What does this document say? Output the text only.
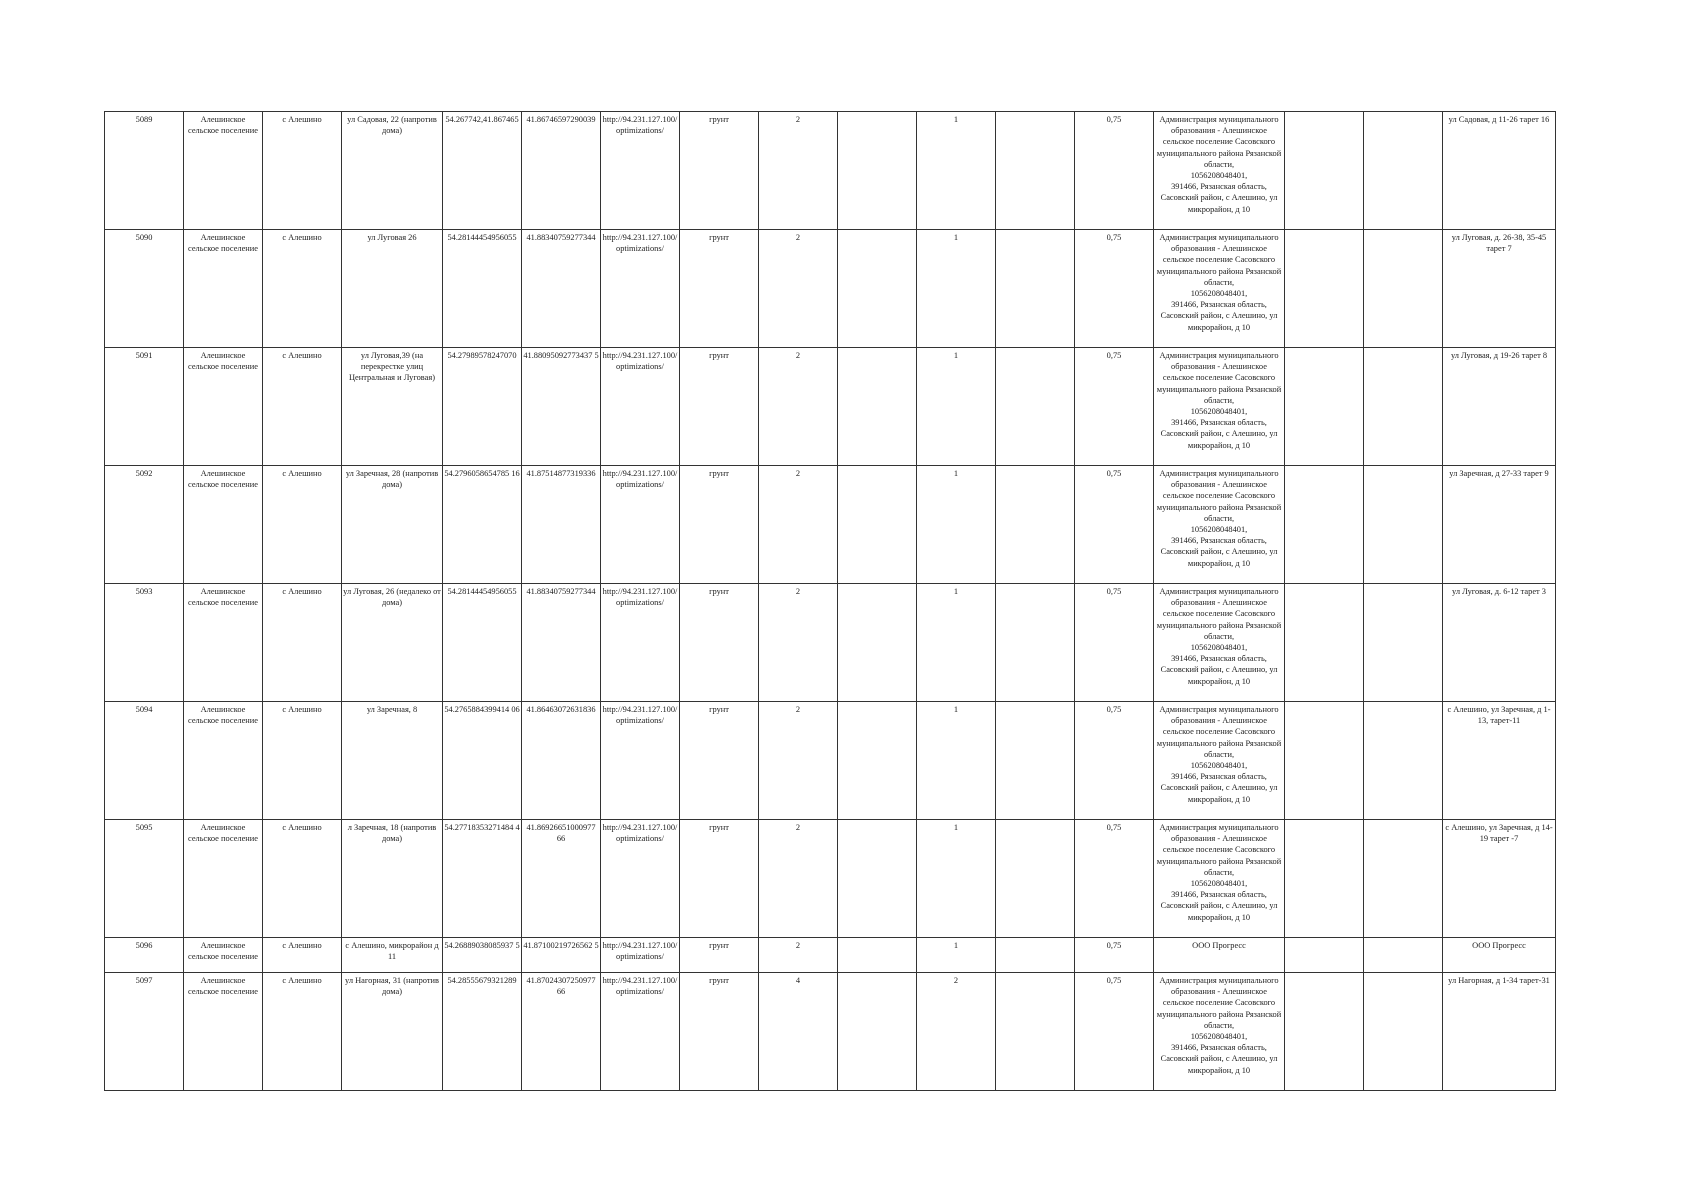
5089	Алешинское сельское поселение	с Алешино	ул Садовая, 22 (напротив дома)	54.267742,41.867465	41.86746597290039	http://94.231.127.100/optimizations/	грунт	2		1		0,75	Администрация муниципального образования - Алешинское сельское поселение Сасовского муниципального района Рязанской области,
1056208048401,
391466, Рязанская область, Сасовский район, с Алешино, ул микрорайон, д 10			ул Садовая, д 11-26 тарет 16
5090	Алешинское сельское поселение	с Алешино	ул Луговая 26	54.28144454956055	41.88340759277344	http://94.231.127.100/optimizations/	грунт	2		1		0,75	Администрация муниципального образования - Алешинское сельское поселение Сасовского муниципального района Рязанской области,
1056208048401,
391466, Рязанская область, Сасовский район, с Алешино, ул микрорайон, д 10			ул Луговая, д. 26-38, 35-45 тарет 7
5091	Алешинское сельское поселение	с Алешино	ул Луговая,39 (на перекрестке улиц Центральная и Луговая)	54.27989578247070	41.88095092773437 5	http://94.231.127.100/optimizations/	грунт	2		1		0,75	Администрация муниципального образования - Алешинское сельское поселение Сасовского муниципального района Рязанской области,
1056208048401,
391466, Рязанская область, Сасовский район, с Алешино, ул микрорайон, д 10			ул Луговая, д 19-26 тарет 8
5092	Алешинское сельское поселение	с Алешино	ул Заречная, 28 (напротив дома)	54.2796058654785 16	41.87514877319336	http://94.231.127.100/optimizations/	грунт	2		1		0,75	Администрация муниципального образования - Алешинское сельское поселение Сасовского муниципального района Рязанской области,
1056208048401,
391466, Рязанская область, Сасовский район, с Алешино, ул микрорайон, д 10			ул Заречная, д 27-33 тарет 9
5093	Алешинское сельское поселение	с Алешино	ул Луговая, 26 (недалеко от дома)	54.28144454956055	41.88340759277344	http://94.231.127.100/optimizations/	грунт	2		1		0,75	Администрация муниципального образования - Алешинское сельское поселение Сасовского муниципального района Рязанской области,
1056208048401,
391466, Рязанская область, Сасовский район, с Алешино, ул микрорайон, д 10			ул Луговая, д. 6-12 тарет 3
5094	Алешинское сельское поселение	с Алешино	ул Заречная, 8	54.2765884399414 06	41.86463072631836	http://94.231.127.100/optimizations/	грунт	2		1		0,75	Администрация муниципального образования - Алешинское сельское поселение Сасовского муниципального района Рязанской области,
1056208048401,
391466, Рязанская область, Сасовский район, с Алешино, ул микрорайон, д 10			с Алешино, ул Заречная, д 1-13, тарет-11
5095	Алешинское сельское поселение	с Алешино	л Заречная, 18 (напротив дома)	54.27718353271484 4	41.86926651000977 66	http://94.231.127.100/optimizations/	грунт	2		1		0,75	Администрация муниципального образования - Алешинское сельское поселение Сасовского муниципального района Рязанской области,
1056208048401,
391466, Рязанская область, Сасовский район, с Алешино, ул микрорайон, д 10			с Алешино, ул Заречная, д 14-19 тарет -7
5096	Алешинское сельское поселение	с Алешино	с Алешино, микрорайон д 11	54.26889038085937 5	41.87100219726562 5	http://94.231.127.100/optimizations/	грунт	2		1		0,75	ООО Прогресс			ООО Прогресс
5097	Алешинское сельское поселение	с Алешино	ул Нагорная, 31 (напротив дома)	54.28555679321289	41.87024307250977 66	http://94.231.127.100/optimizations/	грунт	4		2		0,75	Администрация муниципального образования - Алешинское сельское поселение Сасовского муниципального района Рязанской области,
1056208048401,
391466, Рязанская область, Сасовский район, с Алешино, ул микрорайон, д 10			ул Нагорная, д 1-34 тарет-31
